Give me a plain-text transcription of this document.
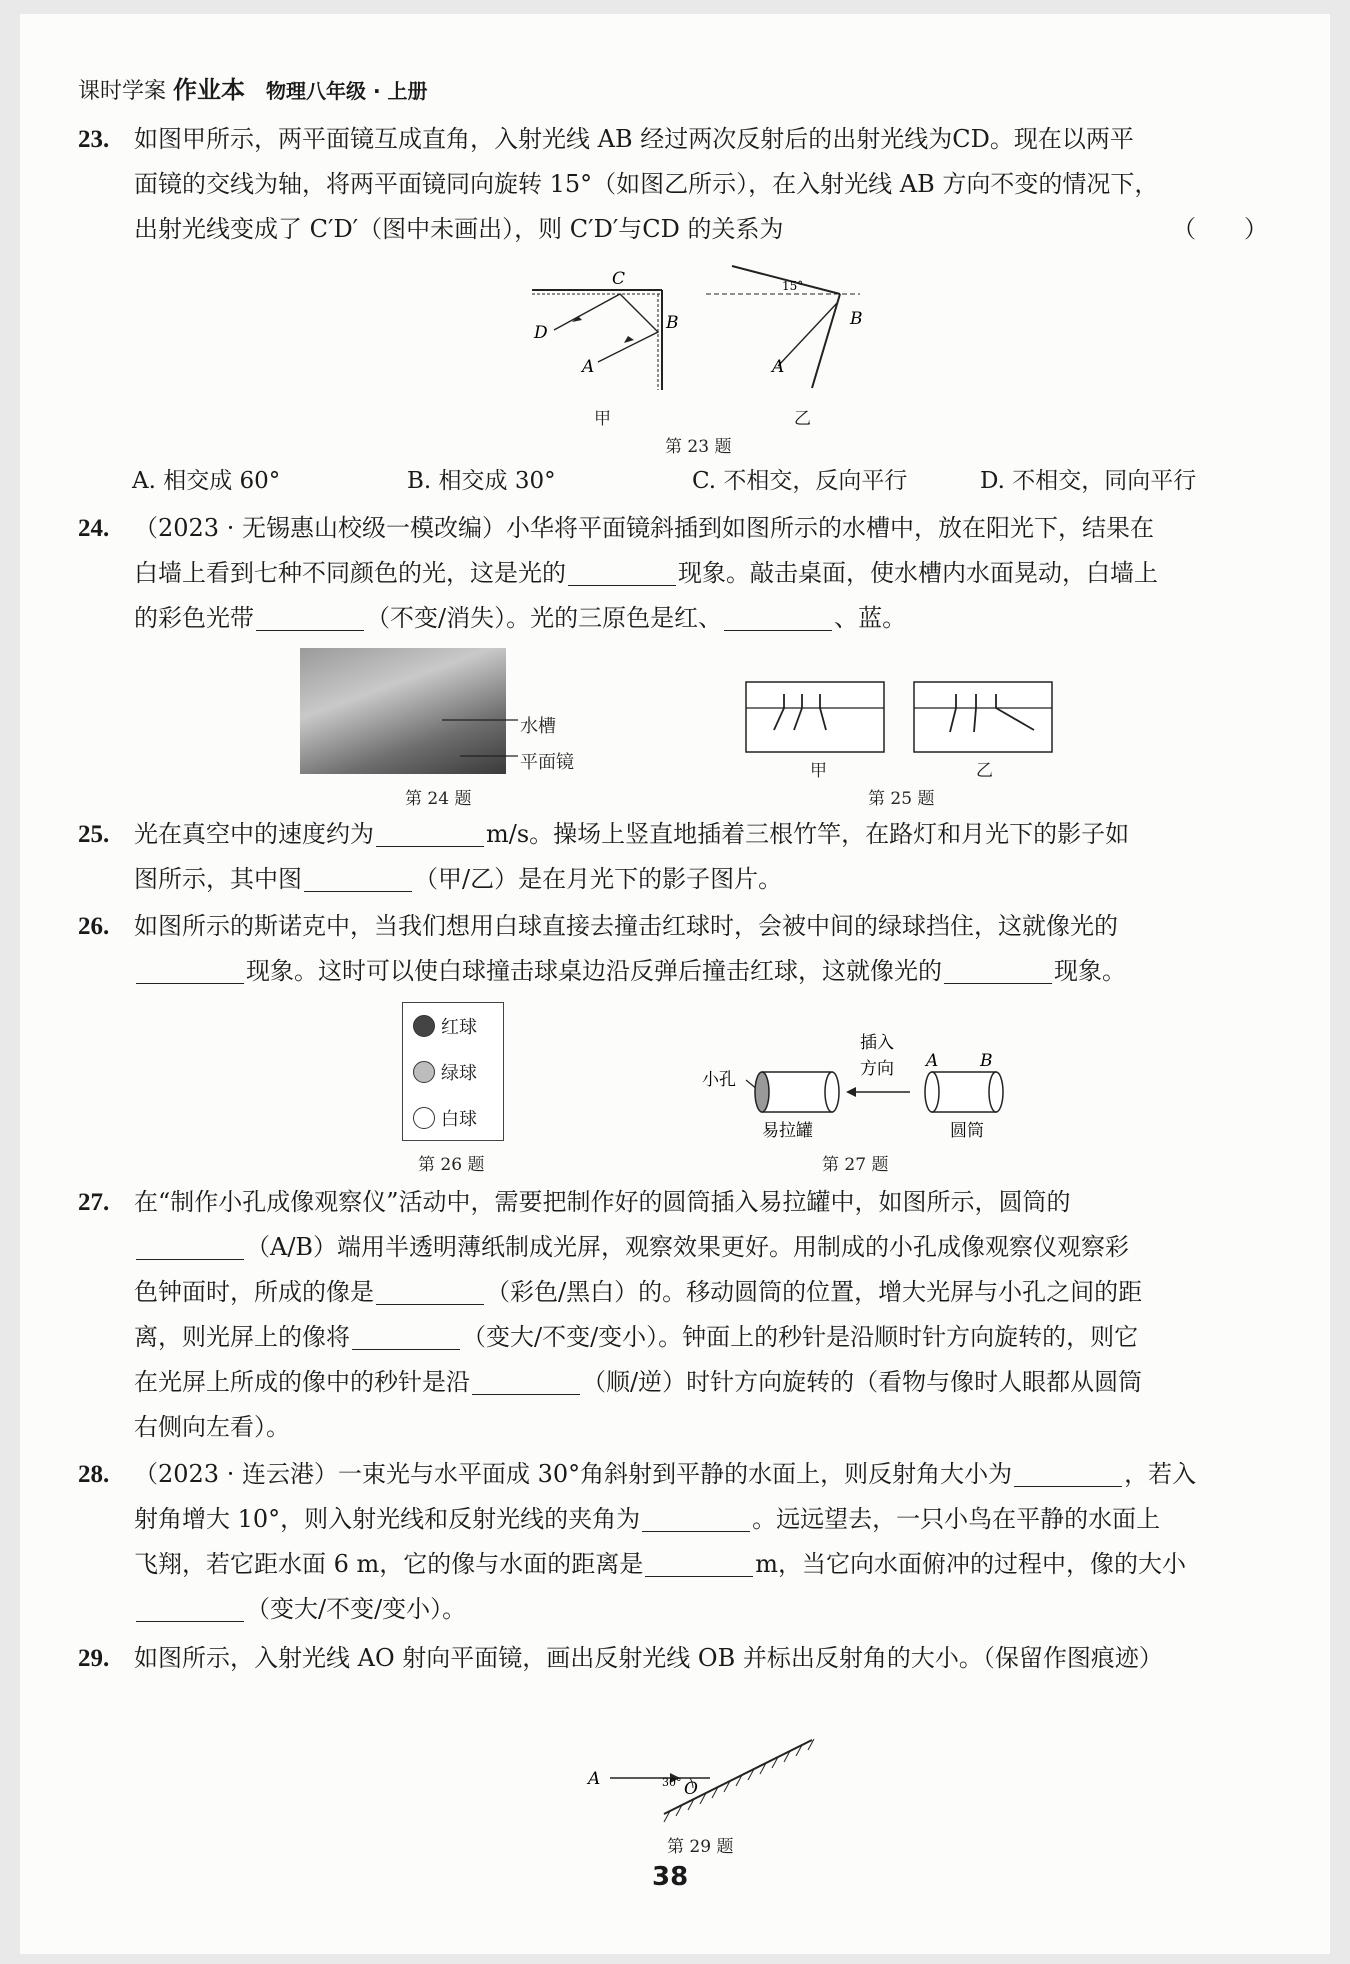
课时学案 作业本 物理八年级 · 上册
23. 如图甲所示，两平面镜互成直角，入射光线 AB 经过两次反射后的出射光线为CD。现在以两平
面镜的交线为轴，将两平面镜同向旋转 15°（如图乙所示），在入射光线 AB 方向不变的情况下，
出射光线变成了 C′D′（图中未画出），则 C′D′与CD 的关系为	（　　）
C
B
D
A
15°
B
A
甲	乙
第 23 题
A. 相交成 60°	B. 相交成 30°	C. 不相交，反向平行	D. 不相交，同向平行
24. （2023 · 无锡惠山校级一模改编）小华将平面镜斜插到如图所示的水槽中，放在阳光下，结果在
白墙上看到七种不同颜色的光，这是光的	现象。敲击桌面，使水槽内水面晃动，白墙上
的彩色光带	（不变/消失）。光的三原色是红、	、蓝。
水槽
平面镜
第 24 题
甲	乙
第 25 题
25. 光在真空中的速度约为	m/s。操场上竖直地插着三根竹竿，在路灯和月光下的影子如
图所示，其中图	（甲/乙）是在月光下的影子图片。
26. 如图所示的斯诺克中，当我们想用白球直接去撞击红球时，会被中间的绿球挡住，这就像光的
现象。这时可以使白球撞击球桌边沿反弹后撞击红球，这就像光的	现象。
红球
绿球
白球
第 26 题
小孔
插入
方向 A B
易拉罐	圆筒
第 27 题
27. 在“制作小孔成像观察仪”活动中，需要把制作好的圆筒插入易拉罐中，如图所示，圆筒的
（A/B）端用半透明薄纸制成光屏，观察效果更好。用制成的小孔成像观察仪观察彩
色钟面时，所成的像是	（彩色/黑白）的。移动圆筒的位置，增大光屏与小孔之间的距
离，则光屏上的像将	（变大/不变/变小）。钟面上的秒针是沿顺时针方向旋转的，则它
在光屏上所成的像中的秒针是沿	（顺/逆）时针方向旋转的（看物与像时人眼都从圆筒
右侧向左看）。
28. （2023 · 连云港）一束光与水平面成 30°角斜射到平静的水面上，则反射角大小为	，若入
射角增大 10°，则入射光线和反射光线的夹角为	。远远望去，一只小鸟在平静的水面上
飞翔，若它距水面 6 m，它的像与水面的距离是	m，当它向水面俯冲的过程中，像的大小
（变大/不变/变小）。
29. 如图所示，入射光线 AO 射向平面镜，画出反射光线 OB 并标出反射角的大小。（保留作图痕迹）
A	O
30°
第 29 题
38
